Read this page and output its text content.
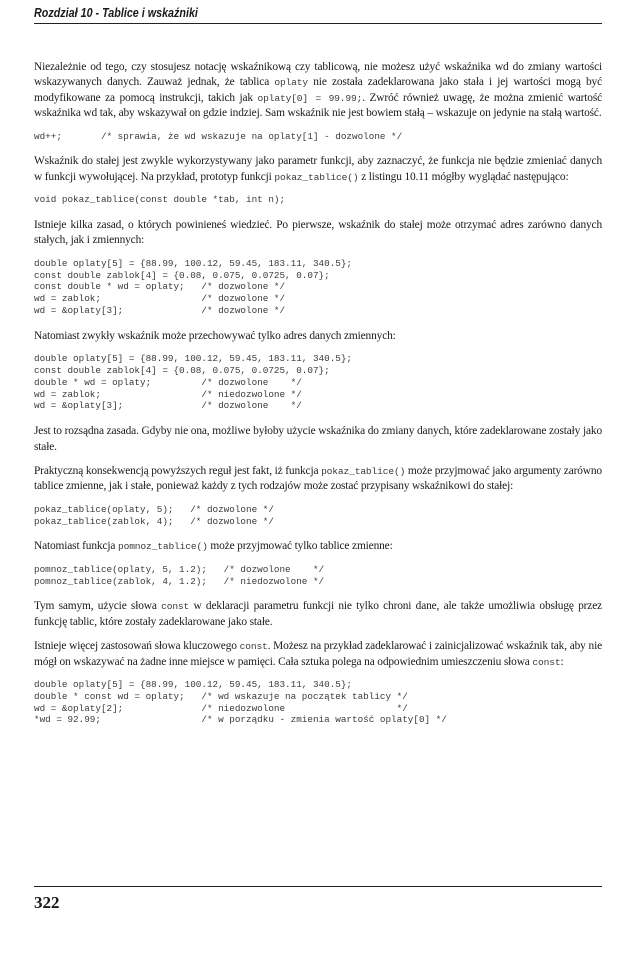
Rozdział 10 - Tablice i wskaźniki

Niezależnie od tego, czy stosujesz notację wskaźnikową czy tablicową, nie możesz użyć wskaźnika wd do zmiany wartości wskazywanych danych. Zauważ jednak, że tablica oplaty nie została zadeklarowana jako stała i jej wartości mogą być modyfikowane za pomocą instrukcji, takich jak oplaty[0] = 99.99;. Zwróć również uwagę, że można zmienić wartość wskaźnika wd tak, aby wskazywał on gdzie indziej. Sam wskaźnik nie jest bowiem stałą – wskazuje on jedynie na stałą wartość.

wd++;       /* sprawia, że wd wskazuje na oplaty[1] - dozwolone */

Wskaźnik do stałej jest zwykle wykorzystywany jako parametr funkcji, aby zaznaczyć, że funkcja nie będzie zmieniać danych w funkcji wywołującej. Na przykład, prototyp funkcji pokaz_tablice() z listingu 10.11 mógłby wyglądać następująco:

void pokaz_tablice(const double *tab, int n);

Istnieje kilka zasad, o których powinieneś wiedzieć. Po pierwsze, wskaźnik do stałej może otrzymać adres zarówno danych stałych, jak i zmiennych:

double oplaty[5] = {88.99, 100.12, 59.45, 183.11, 340.5};
const double zablok[4] = {0.08, 0.075, 0.0725, 0.07};
const double * wd = oplaty;   /* dozwolone */
wd = zablok;                  /* dozwolone */
wd = &oplaty[3];              /* dozwolone */

Natomiast zwykły wskaźnik może przechowywać tylko adres danych zmiennych:

double oplaty[5] = {88.99, 100.12, 59.45, 183.11, 340.5};
const double zablok[4] = {0.08, 0.075, 0.0725, 0.07};
double * wd = oplaty;         /* dozwolone    */
wd = zablok;                  /* niedozwolone */
wd = &oplaty[3];              /* dozwolone    */

Jest to rozsądna zasada. Gdyby nie ona, możliwe byłoby użycie wskaźnika do zmiany danych, które zadeklarowane zostały jako stałe.

Praktyczną konsekwencją powyższych reguł jest fakt, iż funkcja pokaz_tablice() może przyjmować jako argumenty zarówno tablice zmienne, jak i stałe, ponieważ każdy z tych rodzajów może zostać przypisany wskaźnikowi do stałej:

pokaz_tablice(oplaty, 5);   /* dozwolone */
pokaz_tablice(zablok, 4);   /* dozwolone */

Natomiast funkcja pomnoz_tablice() może przyjmować tylko tablice zmienne:

pomnoz_tablice(oplaty, 5, 1.2);   /* dozwolone    */
pomnoz_tablice(zablok, 4, 1.2);   /* niedozwolone */

Tym samym, użycie słowa const w deklaracji parametru funkcji nie tylko chroni dane, ale także umożliwia obsługę przez funkcję tablic, które zostały zadeklarowane jako stałe.

Istnieje więcej zastosowań słowa kluczowego const. Możesz na przykład zadeklarować i zainicjalizować wskaźnik tak, aby nie mógł on wskazywać na żadne inne miejsce w pamięci. Cała sztuka polega na odpowiednim umieszczeniu słowa const:

double oplaty[5] = {88.99, 100.12, 59.45, 183.11, 340.5};
double * const wd = oplaty;   /* wd wskazuje na początek tablicy */
wd = &oplaty[2];              /* niedozwolone                    */
*wd = 92.99;                  /* w porządku - zmienia wartość oplaty[0] */
322
